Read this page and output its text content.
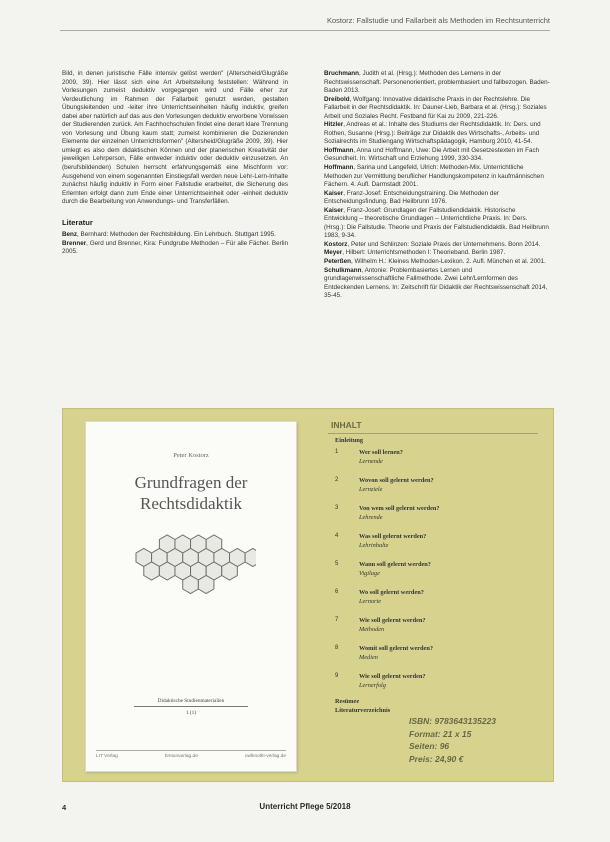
Kostorz: Fallstudie und Fallarbeit als Methoden im Rechtsunterricht

Bild, in denen juristische Fälle intensiv gelöst werden" (Alterscheid/Glugräße 2009, 39). Hier lässt sich eine Art Arbeitsteilung feststellen: Während in Vorlesungen zumeist deduktiv vorgegangen wird und Fälle eher zur Verdeutlichung im Rahmen der Fallarbeit genutzt werden, gestalten Übungsleitenden und -leiter ihre Unterrichtseinheiten häufig induktiv, greifen dabei aber natürlich auf das aus den Vorlesungen deduktiv erworbene Vorwissen der Studierenden zurück. Am Fachhochschulen findet eine derart klare Trennung von Vorlesung und Übung kaum statt; zumeist kombinieren die Dozierenden Elemente der einzelnen Unterrichtsformen" (Altersheid/Glugräße 2009, 39). Hier umlegt es also dem didaktischen Können und der planerischen Kreativität der jeweiligen Lehrperson, Fälle entweder induktiv oder deduktiv einzusetzen. An (berufsbildenden) Schulen herrscht erfahrungsgemäß eine Mischform vor: Ausgehend von einem sogenannten Einstiegsfall werden neue Lehr-Lern-Inhalte zunächst häufig induktiv in Form einer Fallstudie erarbeitet, die Sicherung des Erlernten erfolgt dann zum Ende einer Unterrichtseinheit oder -einheit deduktiv durch die Bearbeitung von Anwendungs- und Transferfällen.

Literatur

Benz, Bernhard: Methoden der Rechtsbildung. Ein Lehrbuch. Stuttgart 1995.

Brenner, Gerd und Brenner, Kira: Fundgrube Methoden – Für alle Fächer. Berlin 2005.

Bruchmann, Judith et al. (Hrsg.): Methoden des Lernens in der Rechtswissenschaft. Personenorientiert, problembasiert und fallbezogen. Baden-Baden 2013.

Dreibold, Wolfgang: Innovative didaktische Praxis in der Rechtslehre. Die Fallarbeit in der Rechtsdidaktik. In: Dauner-Lieb, Barbara et al. (Hrsg.): Soziales Arbeit und Soziales Recht. Festband für Kai zu 2009, 221-226.

Hitzler, Andreas et al.: Inhalte des Studiums der Rechtsdidaktik. In: Ders. und Rothen, Susanne (Hrsg.): Beiträge zur Didaktik des Wirtschafts-, Arbeits- und Sozialrechts im Studiengang Wirtschaftspädagogik, Hamburg 2010, 41-54.

Hoffmann, Anna und Hoffmann, Uwe: Die Arbeit mit Gesetzestexten im Fach Gesundheit. In: Wirtschaft und Erziehung 1999, 330-334.

Hoffmann, Sarina und Langefeld, Ulrich: Methoden-Mix. Unterrichtliche Methoden zur Vermittlung beruflicher Handlungskompetenz in kaufmännischen Fächern. 4. Aufl. Darmstadt 2001.

Kaiser, Franz-Josef: Entscheidungstraining. Die Methoden der Entscheidungsfindung. Bad Heilbrunn 1976.

Kaiser, Franz-Josef: Grundlagen der Fallstudiendidaktik. Historische Entwicklung – theoretische Grundlagen – Unterrichtliche Praxis. In: Ders. (Hrsg.): Die Fallstudie. Theorie und Praxis der Fallstudiendidaktik. Bad Heilbrunn 1983, 9-34.

Kostorz, Peter und Schlinzen: Soziale Praxis der Unternehmens. Bonn 2014.

Meyer, Hilbert: Unterrichtsmethoden I: Theorieband. Berlin 1987.

Peterßen, Wilhelm H.: Kleines Methoden-Lexikon. 2. Aufl. München et al. 2001.

Schulkmann, Antonie: Problembasiertes Lernen und grundlagenwissenschaftliche Fallmethode. Zwei Lehr/Lernformen des Entdeckenden Lernens. In: Zeitschrift für Didaktik der Rechtswissenschaft 2014, 35-45.

Peter Kostorz
Grundfragen der
Rechtsdidaktik
Didaktische Studienmaterialien
1 (1)
LIT Verlag	bmtunvarlag.de	uwlknotlit-verlag.de
INHALT
Einleitung
1	Wer soll lernen?
Lernende
2	Wovon soll gelernt werden?
Lernziele
3	Von wem soll gelernt werden?
Lehrende
4	Was soll gelernt werden?
Lehrinhalte
5	Wann soll gelernt werden?
Vigilage
6	Wo soll gelernt werden?
Lernorte
7	Wie soll gelernt werden?
Methoden
8	Womit soll gelernt werden?
Medien
9	Wie soll gelernt werden?
Lernerfolg
Resümee
Literaturverzeichnis
ISBN: 9783643135223
Format: 21 x 15
Seiten: 96
Preis: 24,90 €
4	Unterricht Pflege 5/2018
